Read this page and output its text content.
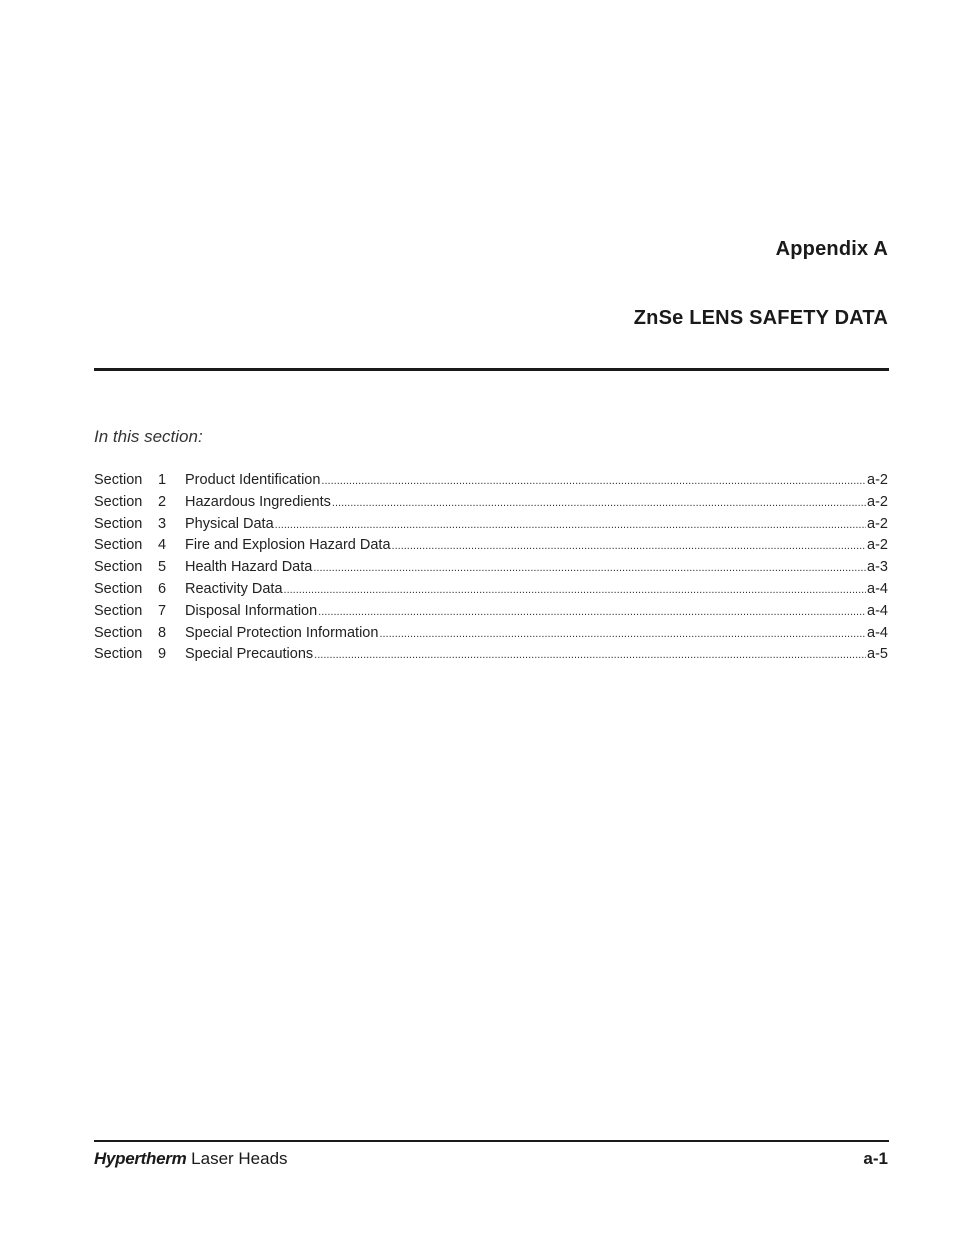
Appendix A
ZnSe LENS SAFETY DATA

In this section:

Section	1	Product Identification .....	a-2
Section	2	Hazardous Ingredients .....	a-2
Section	3	Physical Data .....	a-2
Section	4	Fire and Explosion Hazard Data .....	a-2
Section	5	Health Hazard Data .....	a-3
Section	6	Reactivity Data .....	a-4
Section	7	Disposal Information .....	a-4
Section	8	Special Protection Information .....	a-4
Section	9	Special Precautions .....	a-5

Hypertherm Laser Heads	a-1
